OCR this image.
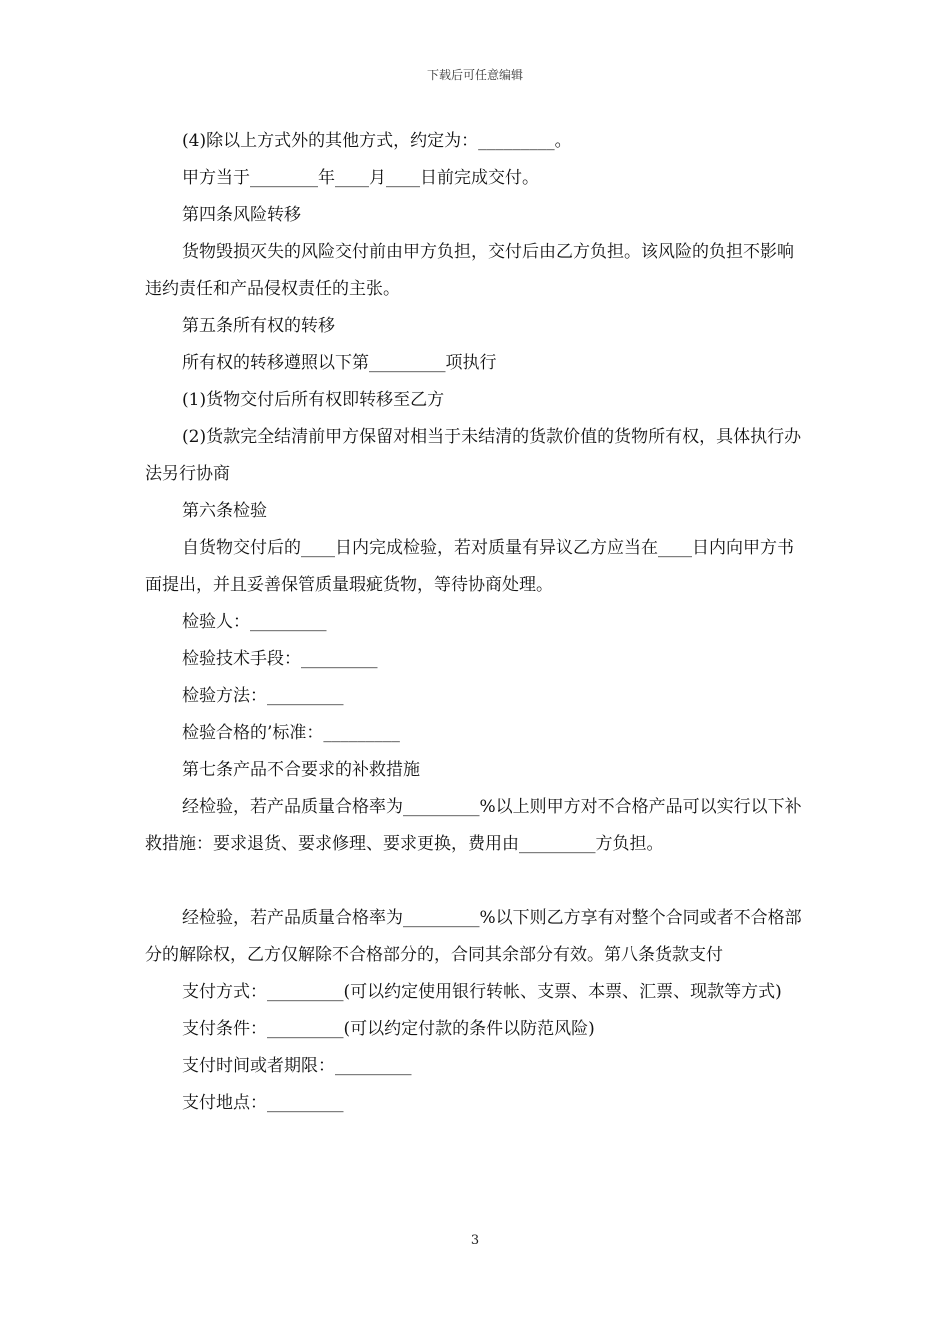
下载后可任意编辑
(4)除以上方式外的其他方式，约定为：_________。
甲方当于________年____月____日前完成交付。
第四条风险转移
货物毁损灭失的风险交付前由甲方负担，交付后由乙方负担。该风险的负担不影响违约责任和产品侵权责任的主张。
第五条所有权的转移
所有权的转移遵照以下第_________项执行
(1)货物交付后所有权即转移至乙方
(2)货款完全结清前甲方保留对相当于未结清的货款价值的货物所有权，具体执行办法另行协商
第六条检验
自货物交付后的____日内完成检验，若对质量有异议乙方应当在____日内向甲方书面提出，并且妥善保管质量瑕疵货物，等待协商处理。
检验人：_________
检验技术手段：_________
检验方法：_________
检验合格的’标准：_________
第七条产品不合要求的补救措施
经检验，若产品质量合格率为_________%以上则甲方对不合格产品可以实行以下补救措施：要求退货、要求修理、要求更换，费用由_________方负担。
经检验，若产品质量合格率为_________%以下则乙方享有对整个合同或者不合格部分的解除权，乙方仅解除不合格部分的，合同其余部分有效。第八条货款支付
支付方式：_________(可以约定使用银行转帐、支票、本票、汇票、现款等方式)
支付条件：_________(可以约定付款的条件以防范风险)
支付时间或者期限：_________
支付地点：_________
3
